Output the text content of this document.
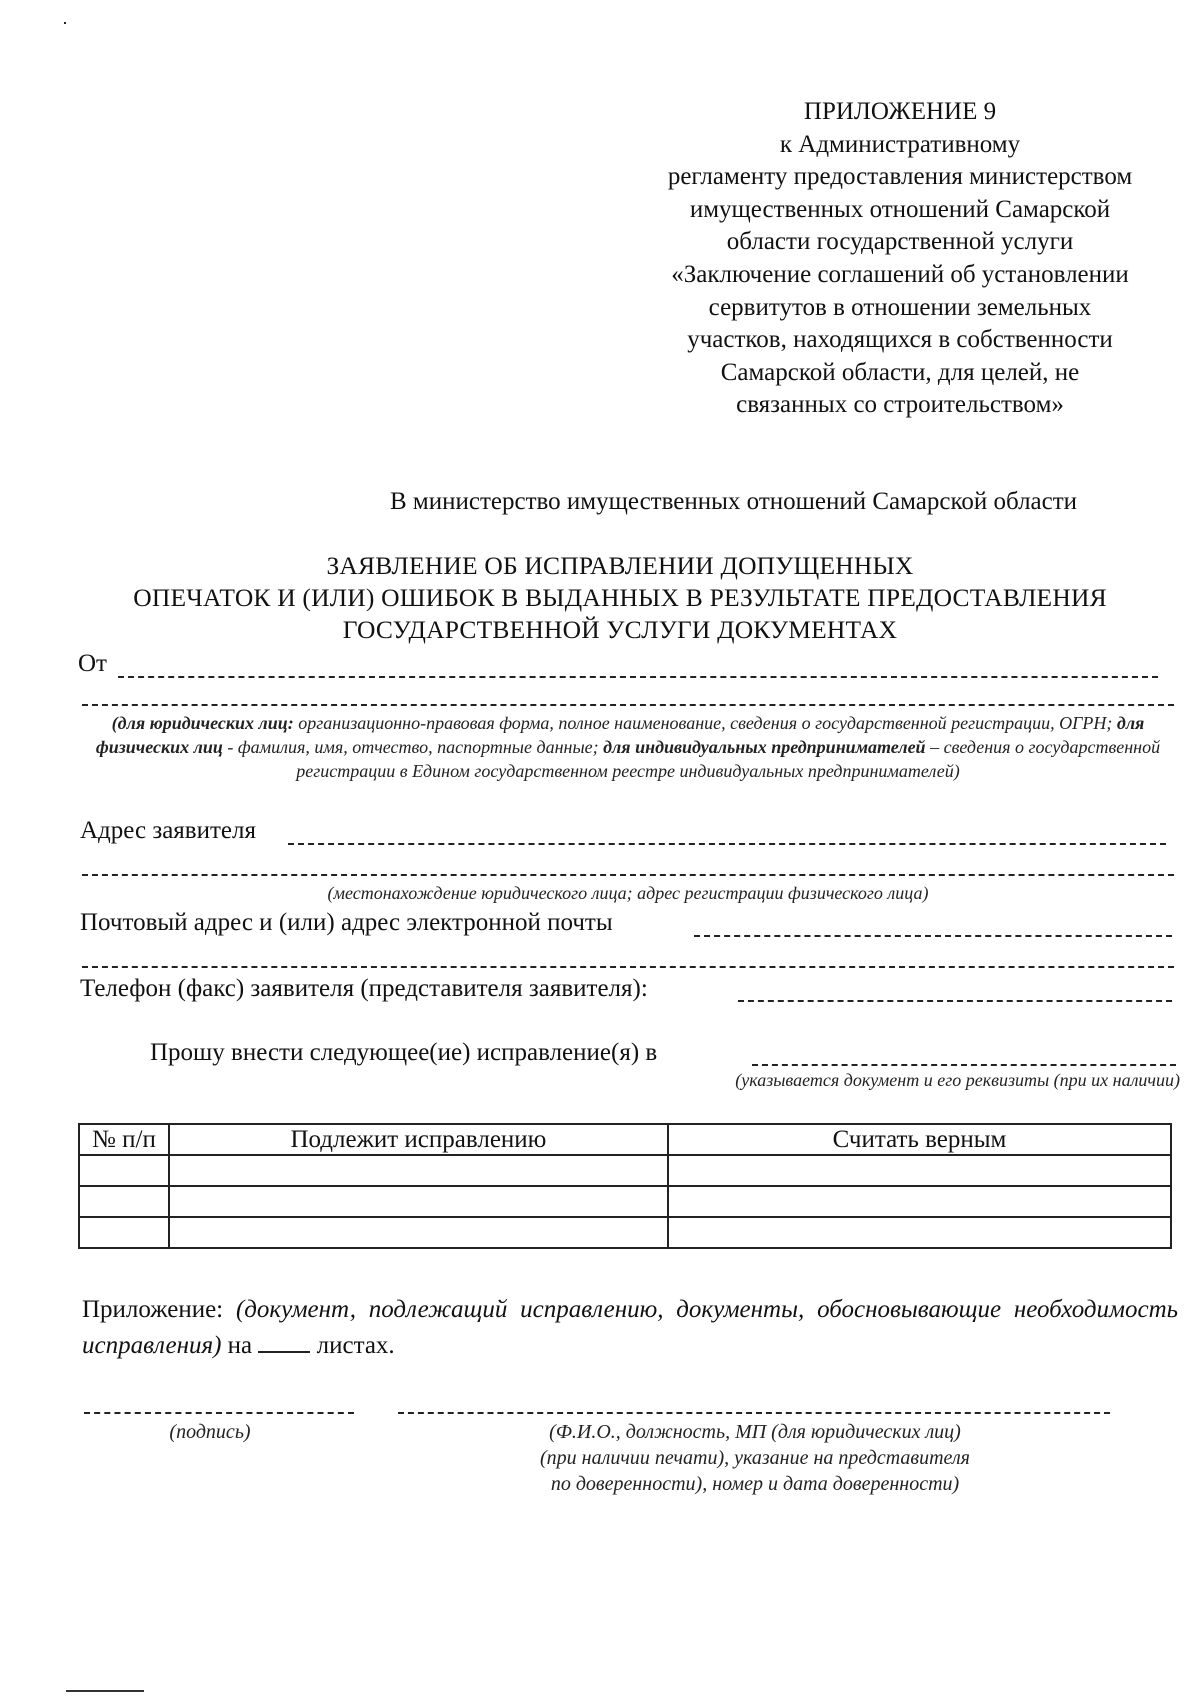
ПРИЛОЖЕНИЕ 9
к Административному
регламенту предоставления министерством
имущественных отношений Самарской
области государственной услуги
«Заключение соглашений об установлении
сервитутов в отношении земельных
участков, находящихся в собственности
Самарской области, для целей, не
связанных со строительством»
В министерство имущественных отношений Самарской области
ЗАЯВЛЕНИЕ ОБ ИСПРАВЛЕНИИ ДОПУЩЕННЫХ
ОПЕЧАТОК И (ИЛИ) ОШИБОК В ВЫДАННЫХ В РЕЗУЛЬТАТЕ ПРЕДОСТАВЛЕНИЯ
ГОСУДАРСТВЕННОЙ УСЛУГИ ДОКУМЕНТАХ
От
(для юридических лиц: организационно-правовая форма, полное наименование, сведения о государственной регистрации, ОГРН; для физических лиц - фамилия, имя, отчество, паспортные данные; для индивидуальных предпринимателей – сведения о государственной регистрации в Едином государственном реестре индивидуальных предпринимателей)
Адрес заявителя
(местонахождение юридического лица; адрес регистрации физического лица)
Почтовый адрес и (или) адрес электронной почты
Телефон (факс) заявителя (представителя заявителя):
Прошу внести следующее(ие) исправление(я) в
(указывается документ и его реквизиты (при их наличии)
№ п/п	Подлежит исправлению	Считать верным

Приложение: (документ, подлежащий исправлению, документы, обосновывающие необходимость исправления) на	листах.
(подпись)	(Ф.И.О., должность, МП (для юридических лиц)
(при наличии печати), указание на представителя
по доверенности), номер и дата доверенности)
